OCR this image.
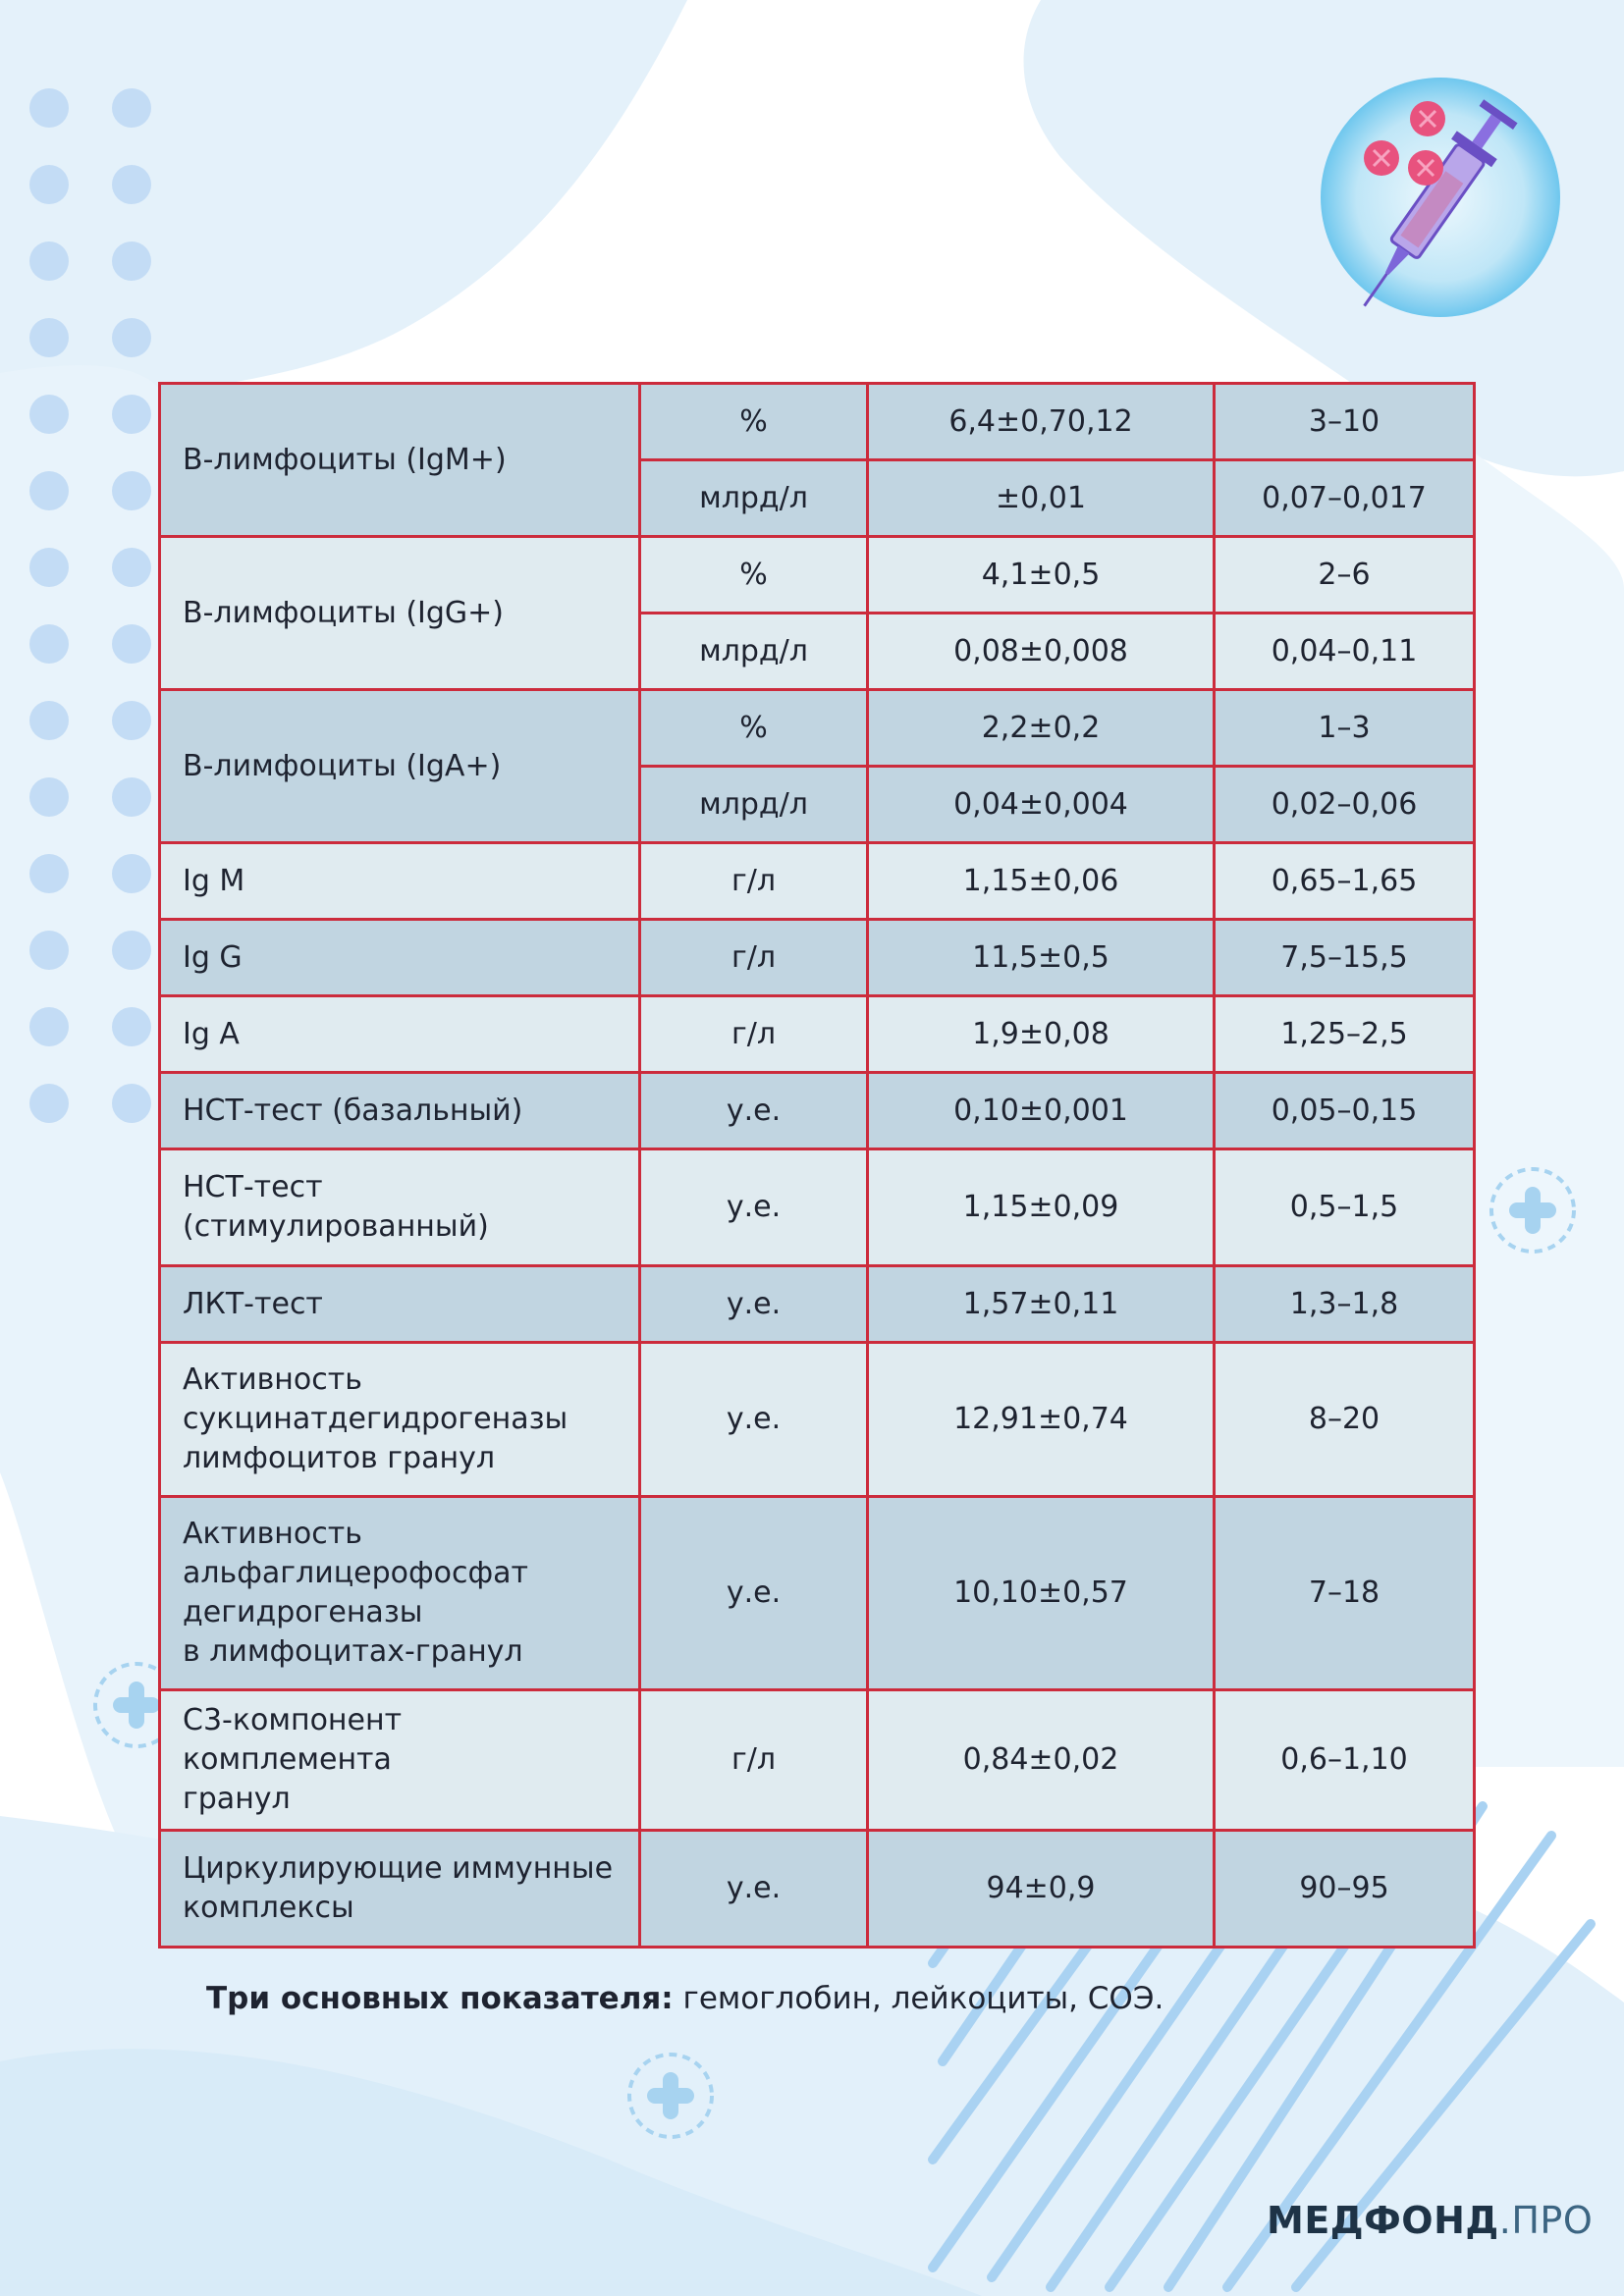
В-лимфоциты (IgM+)	%	6,4±0,70,12	3–10
	млрд/л	±0,01	0,07–0,017
В-лимфоциты (IgG+)	%	4,1±0,5	2–6
	млрд/л	0,08±0,008	0,04–0,11
В-лимфоциты (IgA+)	%	2,2±0,2	1–3
	млрд/л	0,04±0,004	0,02–0,06
Ig M	г/л	1,15±0,06	0,65–1,65
Ig G	г/л	11,5±0,5	7,5–15,5
Ig A	г/л	1,9±0,08	1,25–2,5
НСТ-тест (базальный)	у.е.	0,10±0,001	0,05–0,15
НСТ-тест
(стимулированный)	у.е.	1,15±0,09	0,5–1,5
ЛКТ-тест	у.е.	1,57±0,11	1,3–1,8
Активность
сукцинатдегидрогеназы
лимфоцитов гранул	у.е.	12,91±0,74	8–20
Активность
альфаглицерофосфат
дегидрогеназы
в лимфоцитах-гранул	у.е.	10,10±0,57	7–18
С3-компонент комплемента
гранул	г/л	0,84±0,02	0,6–1,10
Циркулирующие иммунные
комплексы	у.е.	94±0,9	90–95
Три основных показателя: гемоглобин, лейкоциты, СОЭ.
МЕДФОНД.ПРО
